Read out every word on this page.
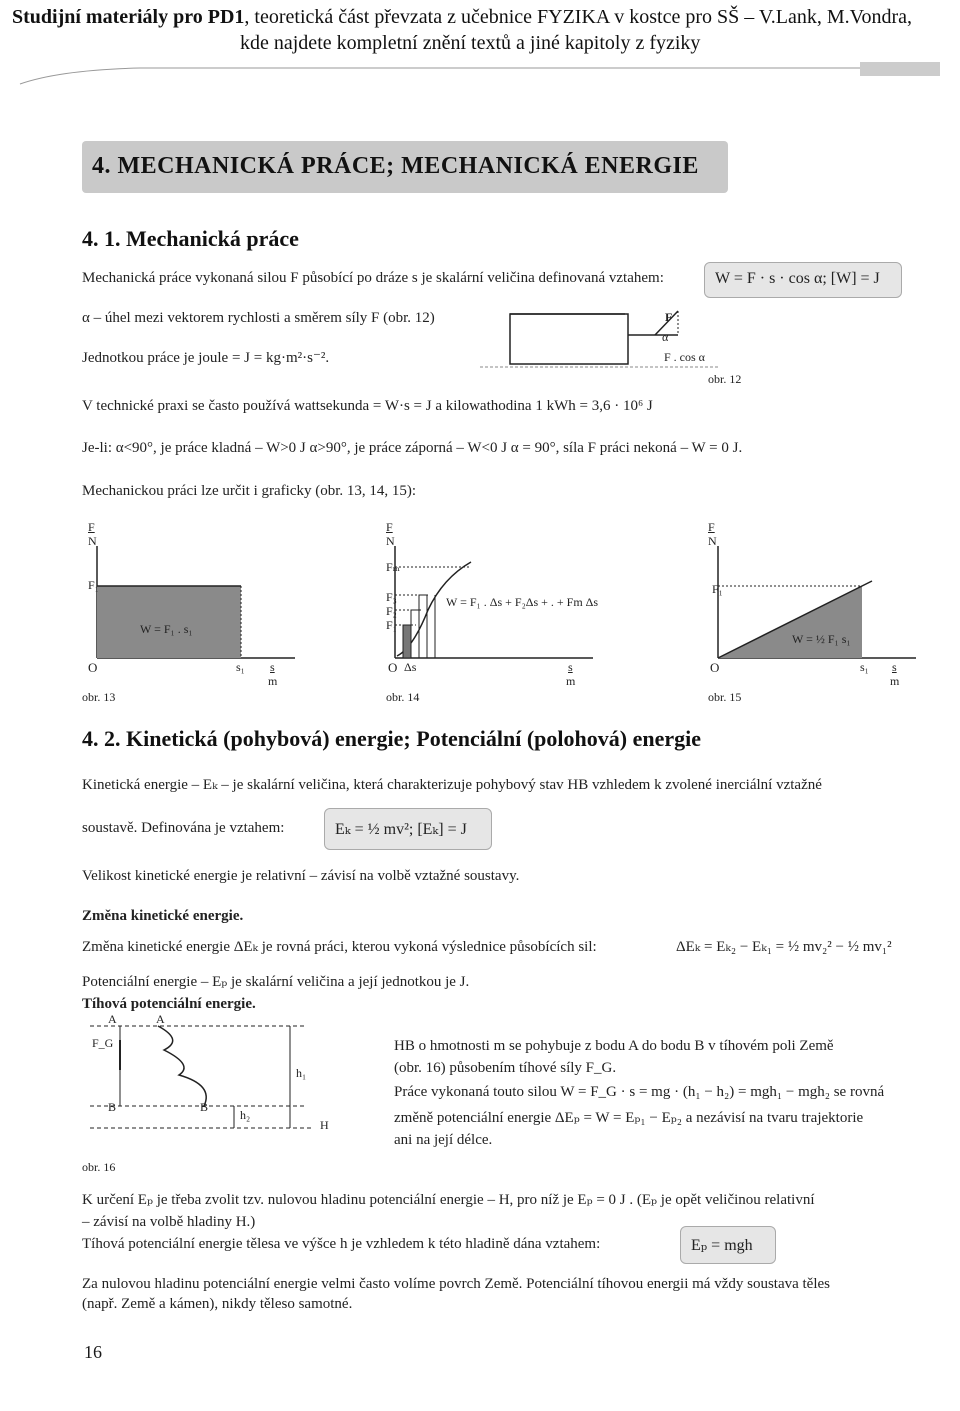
Studijní materiály pro PD1, teoretická část převzata z učebnice FYZIKA v kostce pro SŠ – V.Lank, M.Vondra,
kde najdete kompletní znění textů a jiné kapitoly z fyziky
4. MECHANICKÁ PRÁCE; MECHANICKÁ ENERGIE
4. 1. Mechanická práce
Mechanická práce vykonaná silou F působící po dráze s je skalární veličina definovaná vztahem:	W = F · s · cos α; [W] = J
α – úhel mezi vektorem rychlosti a směrem síly F (obr. 12)
Jednotkou práce je joule = J = kg·m²·s⁻².
F
α
F . cos α
obr. 12
V technické praxi se často používá wattsekunda = W·s = J a kilowathodina 1 kWh = 3,6 · 10⁶ J
Je-li: α<90°, je práce kladná – W>0 J α>90°, je práce záporná – W<0 J α = 90°, síla F práci nekoná – W = 0 J.
Mechanickou práci lze určit i graficky (obr. 13, 14, 15):
F
N
F₁
W = F₁ . s₁
O	s₁ s
m
obr. 13
F
N
Fₘ
F₃
F₂
F₁
W = F₁ . Δs + F₂Δs + . + Fm Δs
O Δs	s
m
obr. 14
F
N
F₁
W = ½ F₁ s₁
O	s₁ s
m
obr. 15
4. 2. Kinetická (pohybová) energie; Potenciální (polohová) energie
Kinetická energie – Eₖ – je skalární veličina, která charakterizuje pohybový stav HB vzhledem k zvolené inerciální vztažné
soustavě. Definována je vztahem:	Eₖ = ½ mv²; [Eₖ] = J
Velikost kinetické energie je relativní – závisí na volbě vztažné soustavy.
Změna kinetické energie.
Změna kinetické energie ΔEₖ je rovná práci, kterou vykoná výslednice působících sil:	ΔEₖ = Eₖ₂ − Eₖ₁ = ½ mv₂² − ½ mv₁²
Potenciální energie – Eₚ je skalární veličina a její jednotkou je J.
Tíhová potenciální energie.
A	A
F_G
h₁
B	B
h₂
H
obr. 16
HB o hmotnosti m se pohybuje z bodu A do bodu B v tíhovém poli Země
(obr. 16) působením tíhové síly F_G.
Práce vykonaná touto silou W = F_G · s = mg · (h₁ − h₂) = mgh₁ − mgh₂ se rovná
změně potenciální energie ΔEₚ = W = Eₚ₁ − Eₚ₂ a nezávisí na tvaru trajektorie
ani na její délce.
K určení Eₚ je třeba zvolit tzv. nulovou hladinu potenciální energie – H, pro níž je Eₚ = 0 J . (Eₚ je opět veličinou relativní
– závisí na volbě hladiny H.)
Tíhová potenciální energie tělesa ve výšce h je vzhledem k této hladině dána vztahem:	Eₚ = mgh
Za nulovou hladinu potenciální energie velmi často volíme povrch Země. Potenciální tíhovou energii má vždy soustava těles
(např. Země a kámen), nikdy těleso samotné.
16
